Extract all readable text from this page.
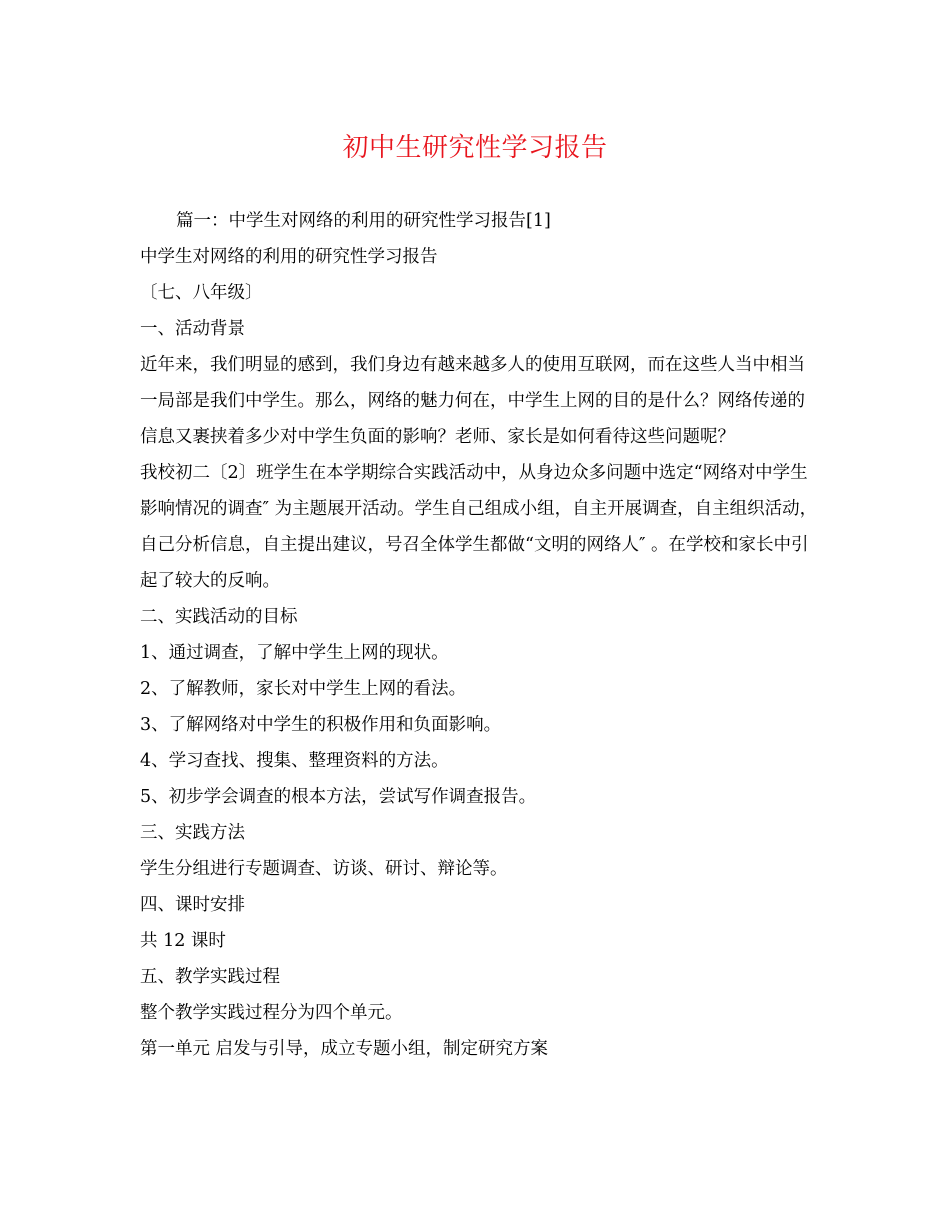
初中生研究性学习报告

篇一：中学生对网络的利用的研究性学习报告[1]

中学生对网络的利用的研究性学习报告

〔七、八年级〕

一、活动背景

近年来，我们明显的感到，我们身边有越来越多人的使用互联网，而在这些人当中相当一局部是我们中学生。那么，网络的魅力何在，中学生上网的目的是什么？网络传递的信息又裹挟着多少对中学生负面的影响？老师、家长是如何看待这些问题呢？

我校初二〔2〕班学生在本学期综合实践活动中，从身边众多问题中选定“网络对中学生影响情况的调查″ 为主题展开活动。学生自己组成小组，自主开展调查，自主组织活动，自己分析信息，自主提出建议，号召全体学生都做“文明的网络人″ 。在学校和家长中引起了较大的反响。

二、实践活动的目标

1、通过调查，了解中学生上网的现状。

2、了解教师，家长对中学生上网的看法。

3、了解网络对中学生的积极作用和负面影响。

4、学习查找、搜集、整理资料的方法。

5、初步学会调查的根本方法，尝试写作调查报告。

三、实践方法

学生分组进行专题调查、访谈、研讨、辩论等。

四、课时安排

共 12 课时

五、教学实践过程

整个教学实践过程分为四个单元。

第一单元 启发与引导，成立专题小组，制定研究方案
